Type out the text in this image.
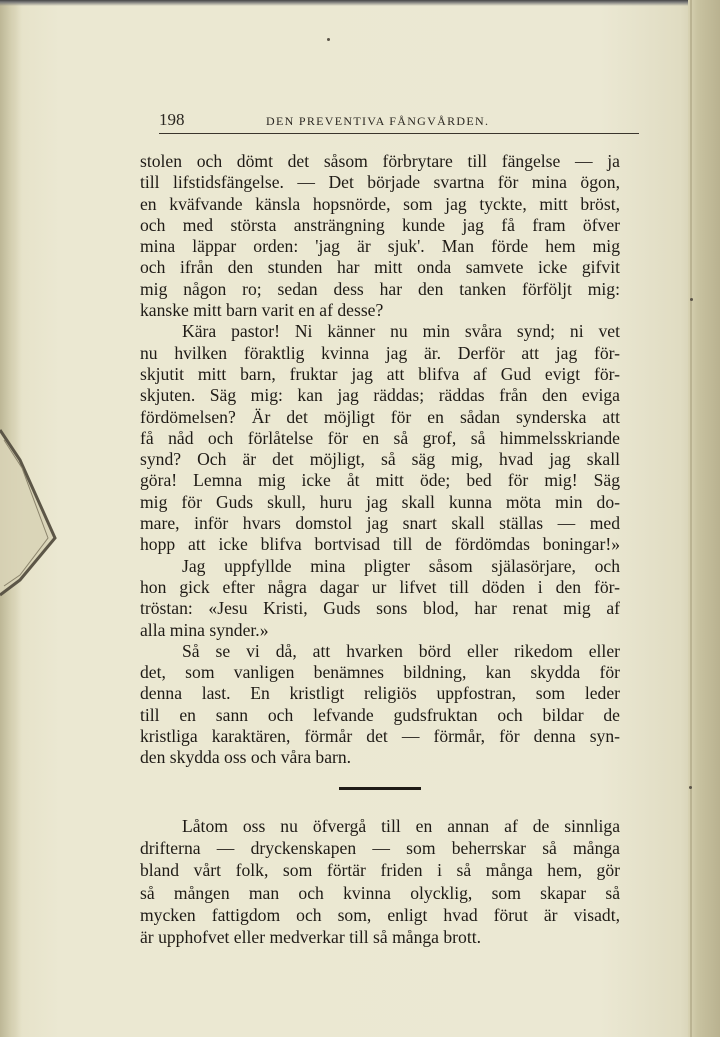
198	DEN PREVENTIVA FÅNGVÅRDEN.
stolen och dömt det såsom förbrytare till fängelse — ja
till lifstidsfängelse. — Det började svartna för mina ögon,
en kväfvande känsla hopsnörde, som jag tyckte, mitt bröst,
och med största ansträngning kunde jag få fram öfver
mina läppar orden: 'jag är sjuk'. Man förde hem mig
och ifrån den stunden har mitt onda samvete icke gifvit
mig någon ro; sedan dess har den tanken förföljt mig:
kanske mitt barn varit en af desse?
Kära pastor! Ni känner nu min svåra synd; ni vet
nu hvilken föraktlig kvinna jag är. Derför att jag för-
skjutit mitt barn, fruktar jag att blifva af Gud evigt för-
skjuten. Säg mig: kan jag räddas; räddas från den eviga
fördömelsen? Är det möjligt för en sådan synderska att
få nåd och förlåtelse för en så grof, så himmelsskriande
synd? Och är det möjligt, så säg mig, hvad jag skall
göra! Lemna mig icke åt mitt öde; bed för mig! Säg
mig för Guds skull, huru jag skall kunna möta min do-
mare, inför hvars domstol jag snart skall ställas — med
hopp att icke blifva bortvisad till de fördömdas boningar!»
Jag uppfyllde mina pligter såsom själasörjare, och
hon gick efter några dagar ur lifvet till döden i den för-
tröstan: «Jesu Kristi, Guds sons blod, har renat mig af
alla mina synder.»
Så se vi då, att hvarken börd eller rikedom eller
det, som vanligen benämnes bildning, kan skydda för
denna last. En kristligt religiös uppfostran, som leder
till en sann och lefvande gudsfruktan och bildar de
kristliga karaktären, förmår det — förmår, för denna syn-
den skydda oss och våra barn.
Låtom oss nu öfvergå till en annan af de sinnliga
drifterna — dryckenskapen — som beherrskar så många
bland vårt folk, som förtär friden i så många hem, gör
så mången man och kvinna olycklig, som skapar så
mycken fattigdom och som, enligt hvad förut är visadt,
är upphofvet eller medverkar till så många brott.
